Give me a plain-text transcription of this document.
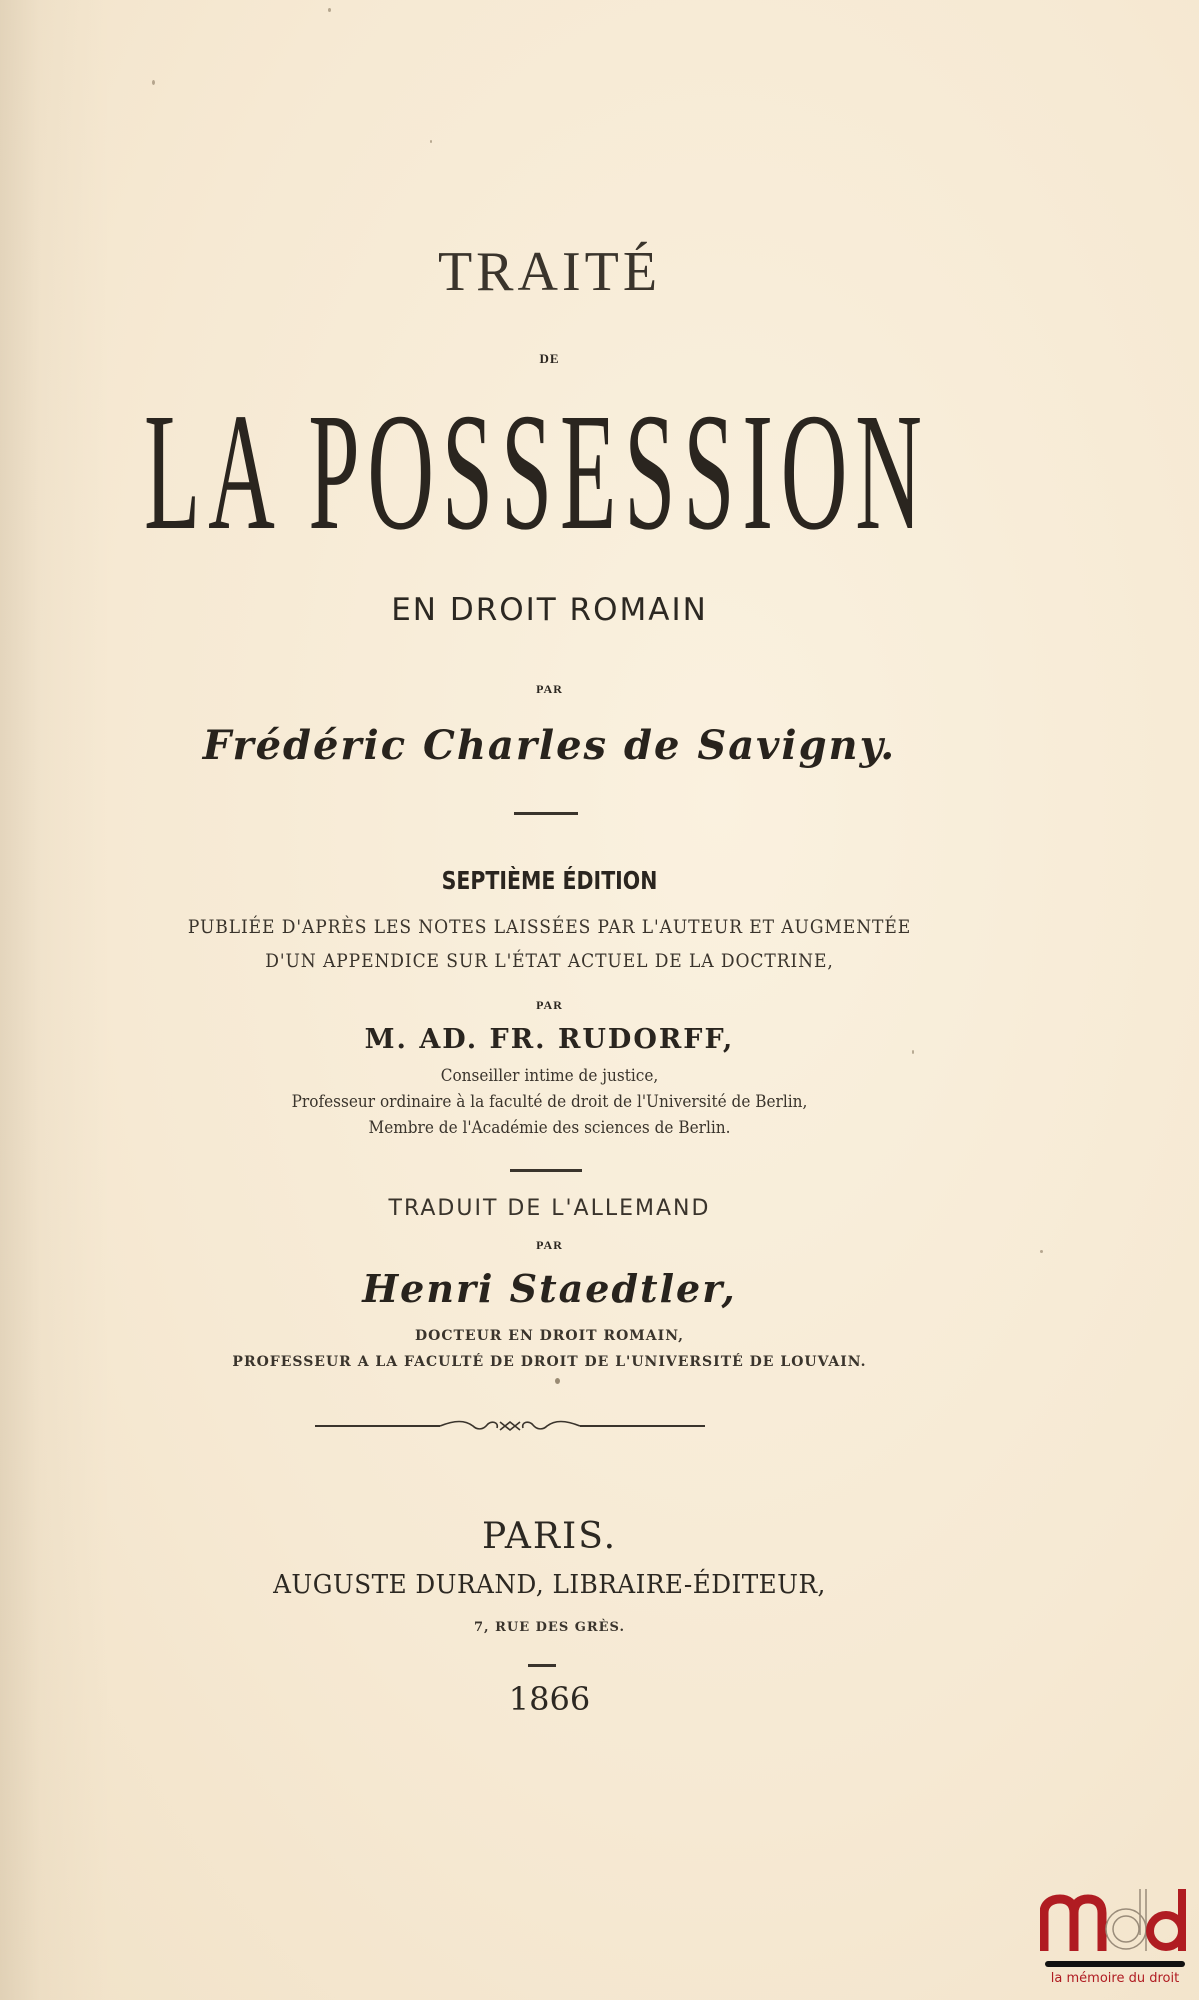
TRAITÉ
DE
LA POSSESSION
EN DROIT ROMAIN
PAR
Frédéric Charles de Savigny.
SEPTIÈME ÉDITION
PUBLIÉE D'APRÈS LES NOTES LAISSÉES PAR L'AUTEUR ET AUGMENTÉE
D'UN APPENDICE SUR L'ÉTAT ACTUEL DE LA DOCTRINE,
PAR
M. AD. FR. RUDORFF,
Conseiller intime de justice,
Professeur ordinaire à la faculté de droit de l'Université de Berlin,
Membre de l'Académie des sciences de Berlin.
TRADUIT DE L'ALLEMAND
PAR
Henri Staedtler,
DOCTEUR EN DROIT ROMAIN,
PROFESSEUR A LA FACULTÉ DE DROIT DE L'UNIVERSITÉ DE LOUVAIN.
PARIS.
AUGUSTE DURAND, LIBRAIRE-ÉDITEUR,
7, RUE DES GRÈS.
1866
la mémoire du droit
